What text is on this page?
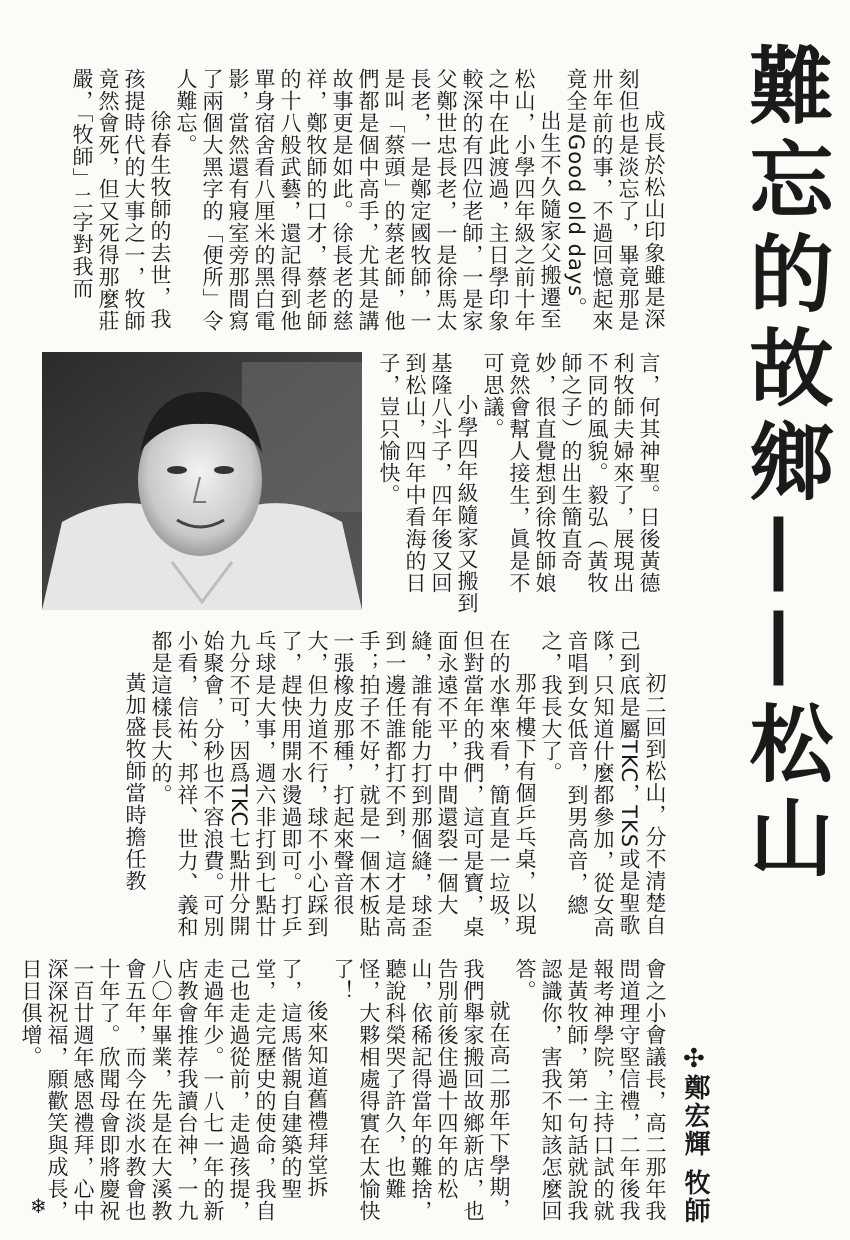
難忘的故鄉——松山
✣
鄭宏輝 牧師

成長於松山印象雖是深刻但也是淡忘了，畢竟那是卅年前的事，不過回憶起來竟全是Good old days。

出生不久隨家父搬遷至松山，小學四年級之前十年之中在此渡過，主日學印象較深的有四位老師，一是家父鄭世忠長老，一是徐馬太長老，一是鄭定國牧師，一是叫「蔡頭」的蔡老師，他們都是個中高手，尤其是講故事更是如此。徐長老的慈祥，鄭牧師的口才，蔡老師的十八般武藝，還記得到他單身宿舍看八厘米的黑白電影，當然還有寢室旁那間寫了兩個大黑字的「便所」令人難忘。

徐春生牧師的去世，我孩提時代的大事之一，牧師竟然會死，但又死得那麼莊嚴，「牧師」二字對我而

言，何其神聖。日後黃德利牧師夫婦來了，展現出不同的風貌。毅弘（黃牧師之子）的出生簡直奇妙，很直覺想到徐牧師娘竟然會幫人接生，眞是不可思議。

小學四年級隨家又搬到基隆八斗子，四年後又回到松山，四年中看海的日子，豈只愉快。

初二回到松山，分不清楚自己到底是屬TKC，TKS或是聖歌隊，只知道什麼都參加，從女高音唱到女低音，到男高音，總之，我長大了。

那年樓下有個乒乓桌，以現在的水準來看，簡直是一垃圾，但對當年的我們，這可是寶，桌面永遠不平，中間還裂一個大縫，誰有能力打到那個縫，球歪到一邊任誰都打不到，這才是高手；拍子不好，就是一個木板貼一張橡皮那種，打起來聲音很大，但力道不行，球不小心踩到了，趕快用開水燙過即可。打乒乓球是大事，週六非打到七點廿九分不可，因爲TKC七點卅分開始聚會，分秒也不容浪費。可別小看，信祐、邦祥、世力、義和都是這樣長大的。

黃加盛牧師當時擔任教

會之小會議長，高二那年我問道理守堅信禮，二年後我報考神學院，主持口試的就是黃牧師，第一句話就說我認識你，害我不知該怎麼回答。

就在高二那年下學期，我們舉家搬回故鄉新店，也告別前後住過十四年的松山，依稀記得當年的難捨，聽說科榮哭了許久，也難怪，大夥相處得實在太愉快了！

後來知道舊禮拜堂拆了，這馬偕親自建築的聖堂，走完歷史的使命，我自己也走過從前，走過孩提，走過年少。一八七一年的新店教會推荐我讀台神，一九八〇年畢業，先是在大溪教會五年，而今在淡水教會也十年了。欣聞母會即將慶祝一百廿週年感恩禮拜，心中深深祝福，願歡笑與成長，日日俱增。

❄
